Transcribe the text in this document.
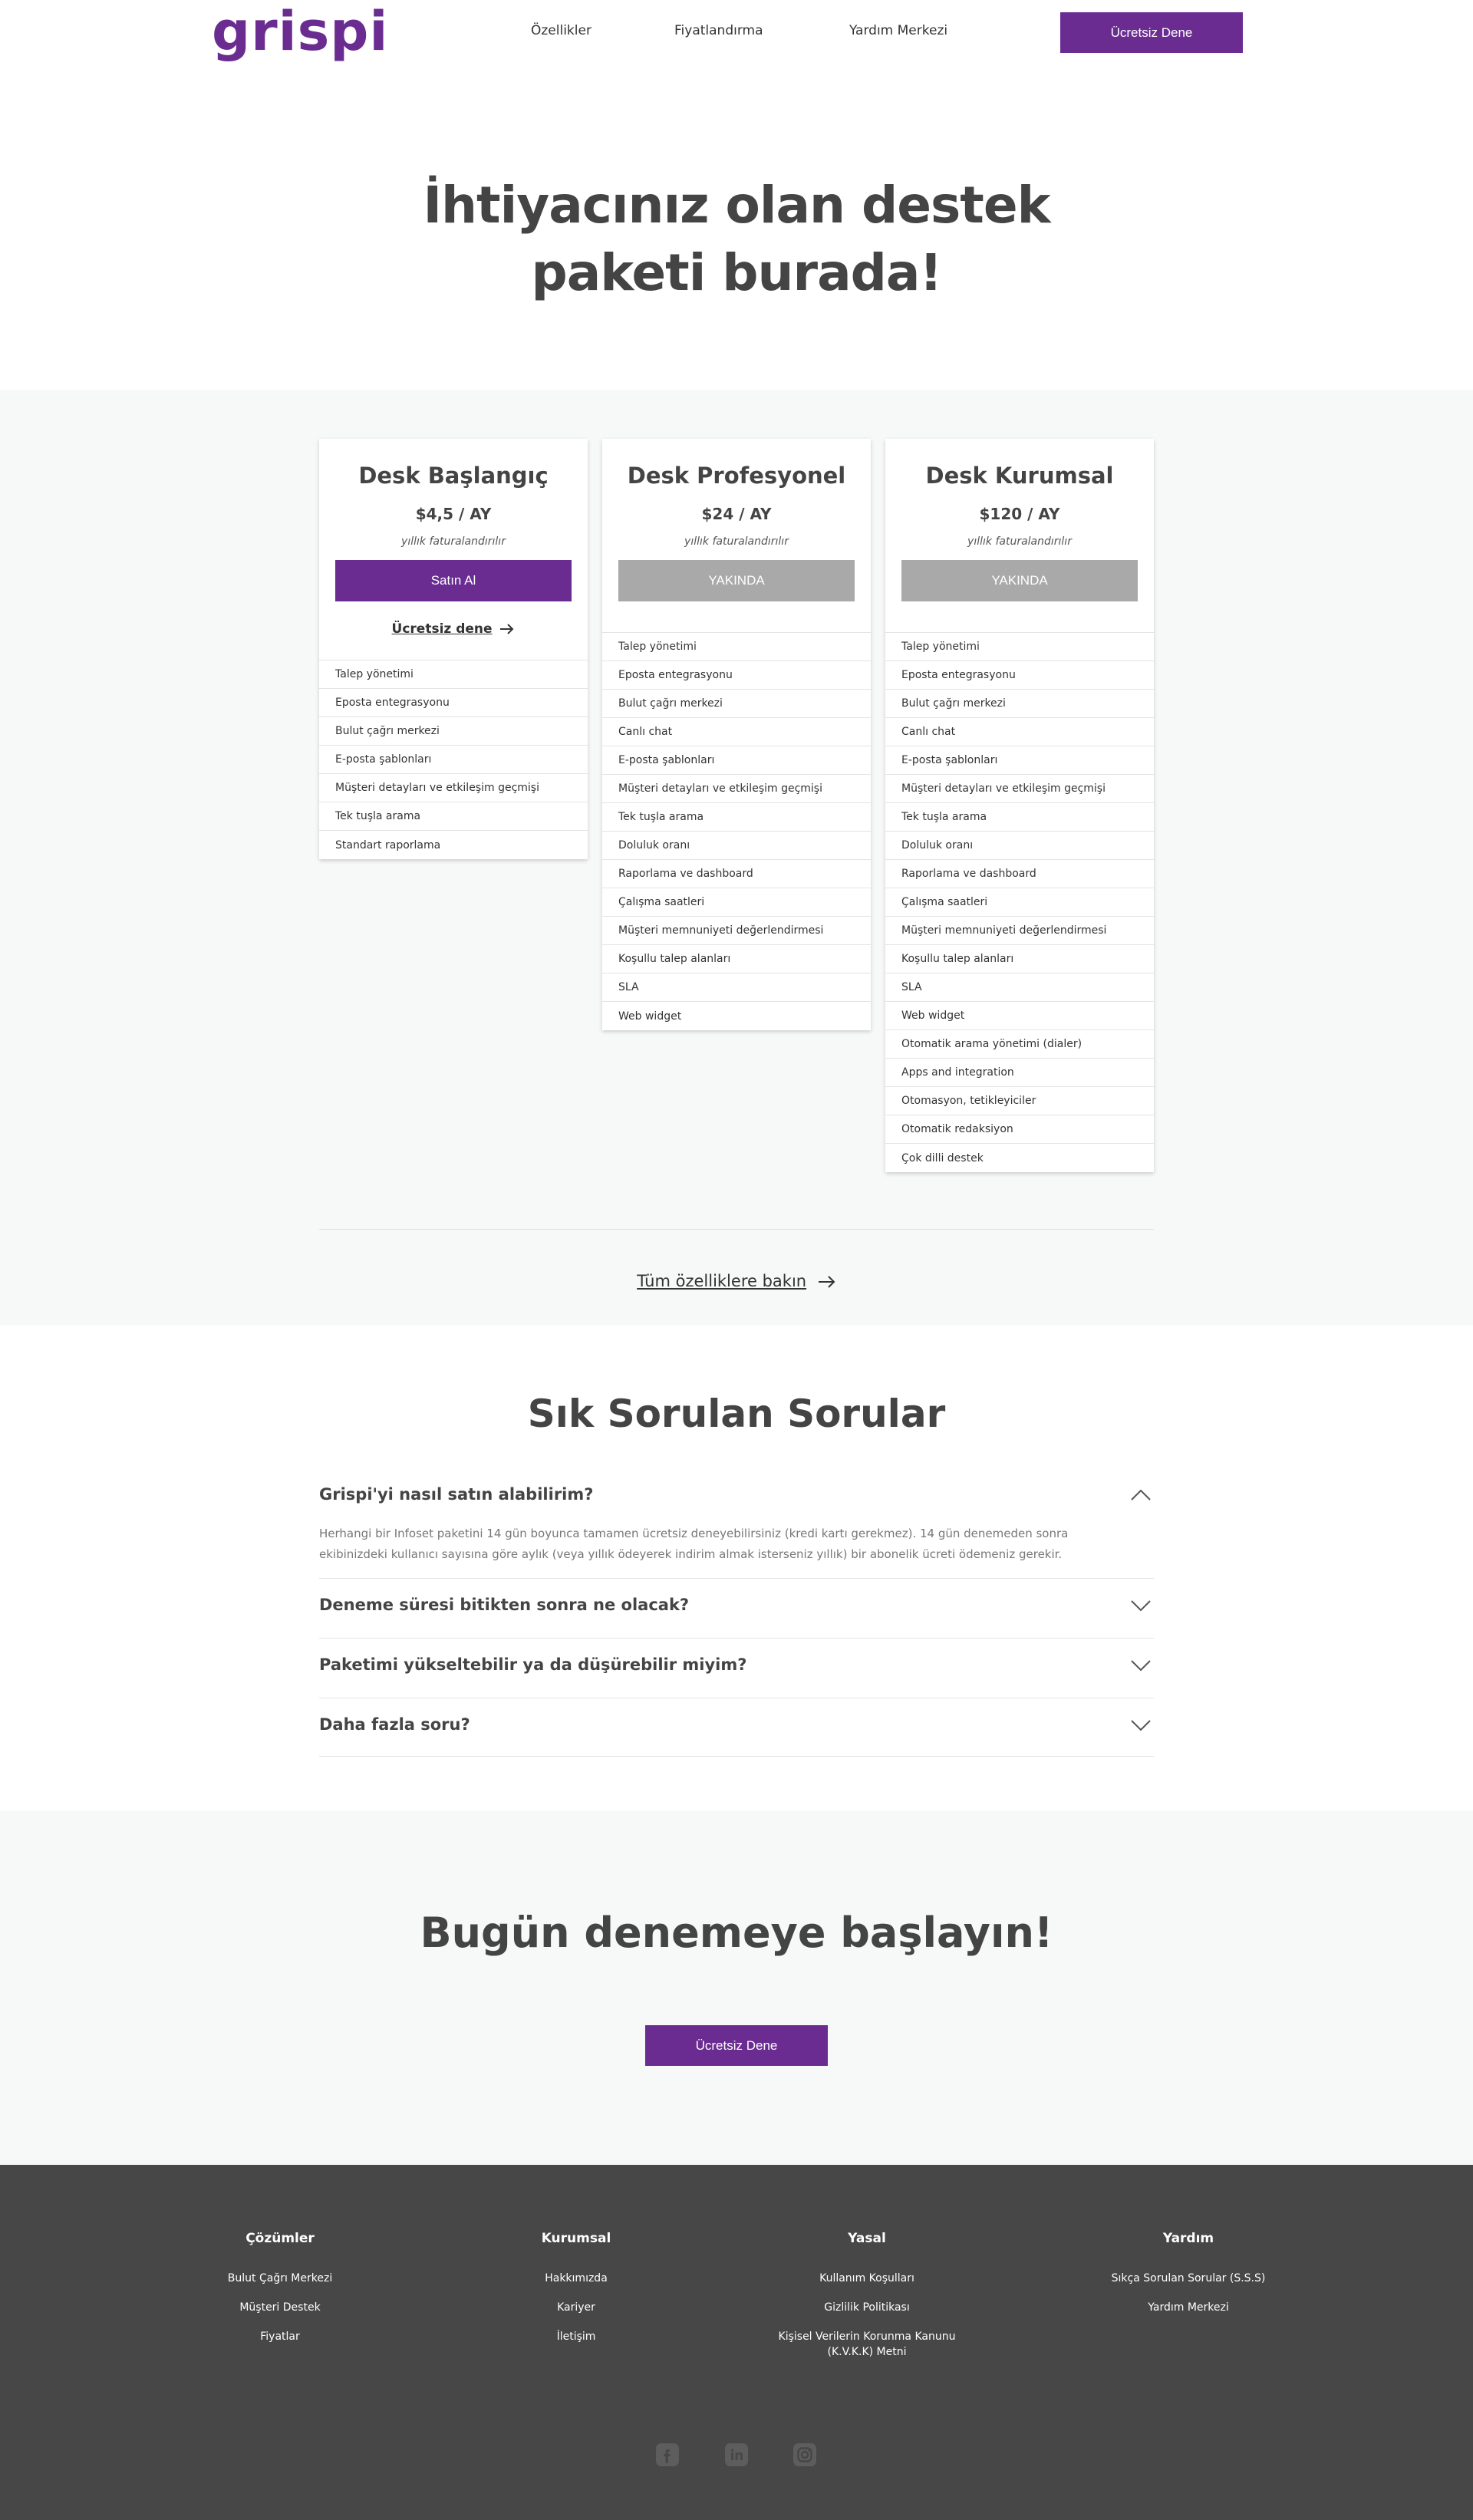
grispi	Özellikler	Fiyatlandırma	Yardım Merkezi	Ücretsiz Dene
İhtiyacınız olan destek paketi burada!
Desk Başlangıç
$4,5 / AY
yıllık faturalandırılır
Satın Al
Ücretsiz dene
Talep yönetimi
Eposta entegrasyonu
Bulut çağrı merkezi
E-posta şablonları
Müşteri detayları ve etkileşim geçmişi
Tek tuşla arama
Standart raporlama
Desk Profesyonel
$24 / AY
yıllık faturalandırılır
YAKINDA
Talep yönetimi
Eposta entegrasyonu
Bulut çağrı merkezi
Canlı chat
E-posta şablonları
Müşteri detayları ve etkileşim geçmişi
Tek tuşla arama
Doluluk oranı
Raporlama ve dashboard
Çalışma saatleri
Müşteri memnuniyeti değerlendirmesi
Koşullu talep alanları
SLA
Web widget
Desk Kurumsal
$120 / AY
yıllık faturalandırılır
YAKINDA
Talep yönetimi
Eposta entegrasyonu
Bulut çağrı merkezi
Canlı chat
E-posta şablonları
Müşteri detayları ve etkileşim geçmişi
Tek tuşla arama
Doluluk oranı
Raporlama ve dashboard
Çalışma saatleri
Müşteri memnuniyeti değerlendirmesi
Koşullu talep alanları
SLA
Web widget
Otomatik arama yönetimi (dialer)
Apps and integration
Otomasyon, tetikleyiciler
Otomatik redaksiyon
Çok dilli destek
Tüm özelliklere bakın
Sık Sorulan Sorular
Grispi'yi nasıl satın alabilirim?
Herhangi bir Infoset paketini 14 gün boyunca tamamen ücretsiz deneyebilirsiniz (kredi kartı gerekmez). 14 gün denemeden sonra ekibinizdeki kullanıcı sayısına göre aylık (veya yıllık ödeyerek indirim almak isterseniz yıllık) bir abonelik ücreti ödemeniz gerekir.
Deneme süresi bitikten sonra ne olacak?
Paketimi yükseltebilir ya da düşürebilir miyim?
Daha fazla soru?
Bugün denemeye başlayın!
Ücretsiz Dene
Çözümler
Bulut Çağrı Merkezi
Müşteri Destek
Fiyatlar
Kurumsal
Hakkımızda
Kariyer
İletişim
Yasal
Kullanım Koşulları
Gizlilik Politikası
Kişisel Verilerin Korunma Kanunu (K.V.K.K) Metni
Yardım
Sıkça Sorulan Sorular (S.S.S)
Yardım Merkezi
